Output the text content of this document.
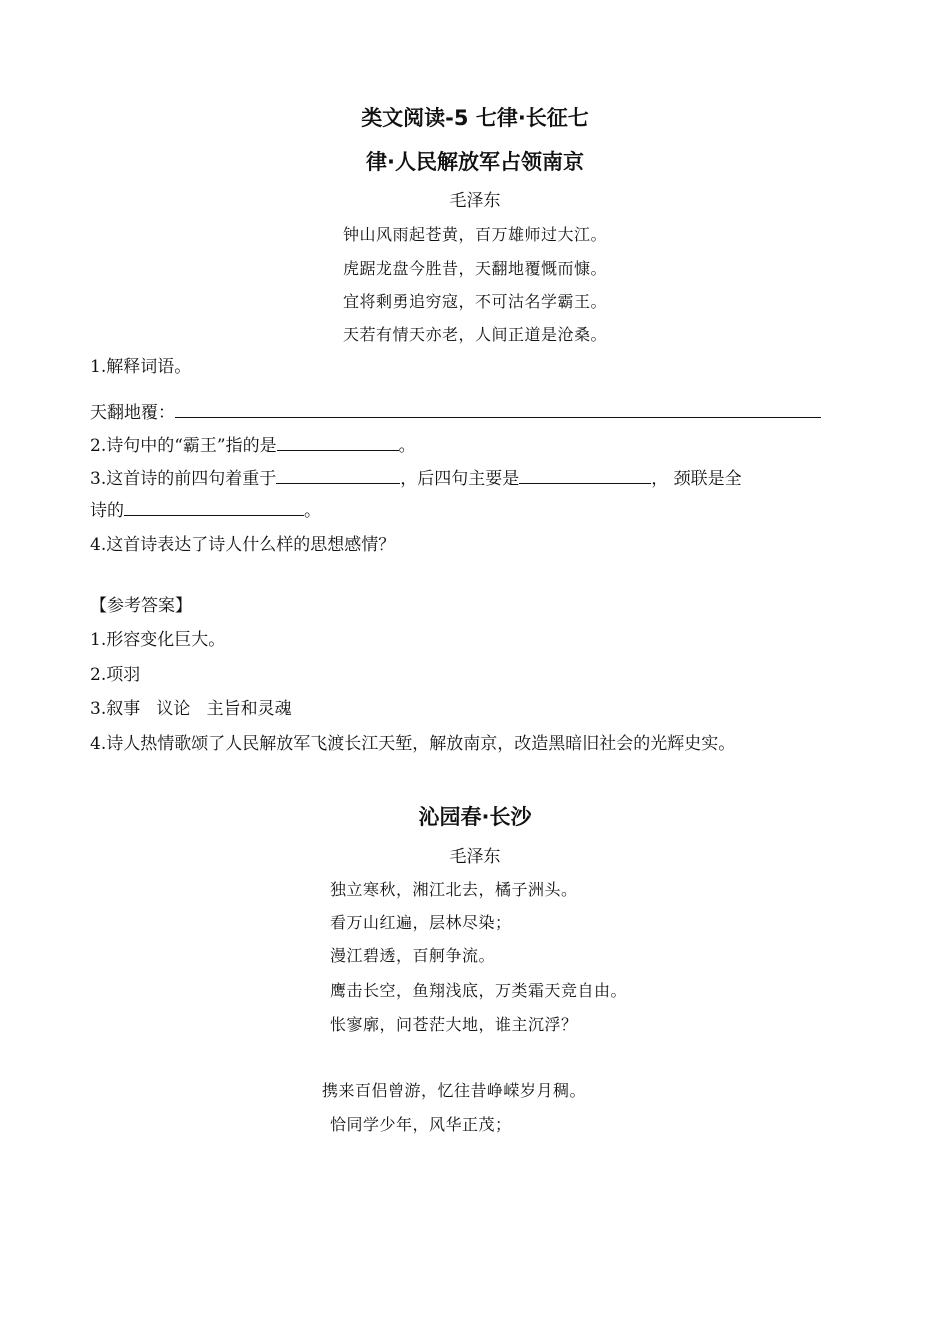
类文阅读-5 七律·长征七
律·人民解放军占领南京
毛泽东
钟山风雨起苍黄，百万雄师过大江。
虎踞龙盘今胜昔，天翻地覆慨而慷。
宜将剩勇追穷寇，不可沽名学霸王。
天若有情天亦老，人间正道是沧桑。
1.解释词语。
天翻地覆：
2.诗句中的“霸王”指的是	。
3.这首诗的前四句着重于	，后四句主要是	， 颈联是全
诗的	。
4.这首诗表达了诗人什么样的思想感情？
【参考答案】
1.形容变化巨大。
2.项羽
3.叙事   议论   主旨和灵魂
4.诗人热情歌颂了人民解放军飞渡长江天堑，解放南京，改造黑暗旧社会的光辉史实。
沁园春·长沙
毛泽东
独立寒秋，湘江北去，橘子洲头。
看万山红遍，层林尽染；
漫江碧透，百舸争流。
鹰击长空，鱼翔浅底，万类霜天竞自由。
怅寥廓，问苍茫大地，谁主沉浮？
携来百侣曾游，忆往昔峥嵘岁月稠。
恰同学少年，风华正茂；
